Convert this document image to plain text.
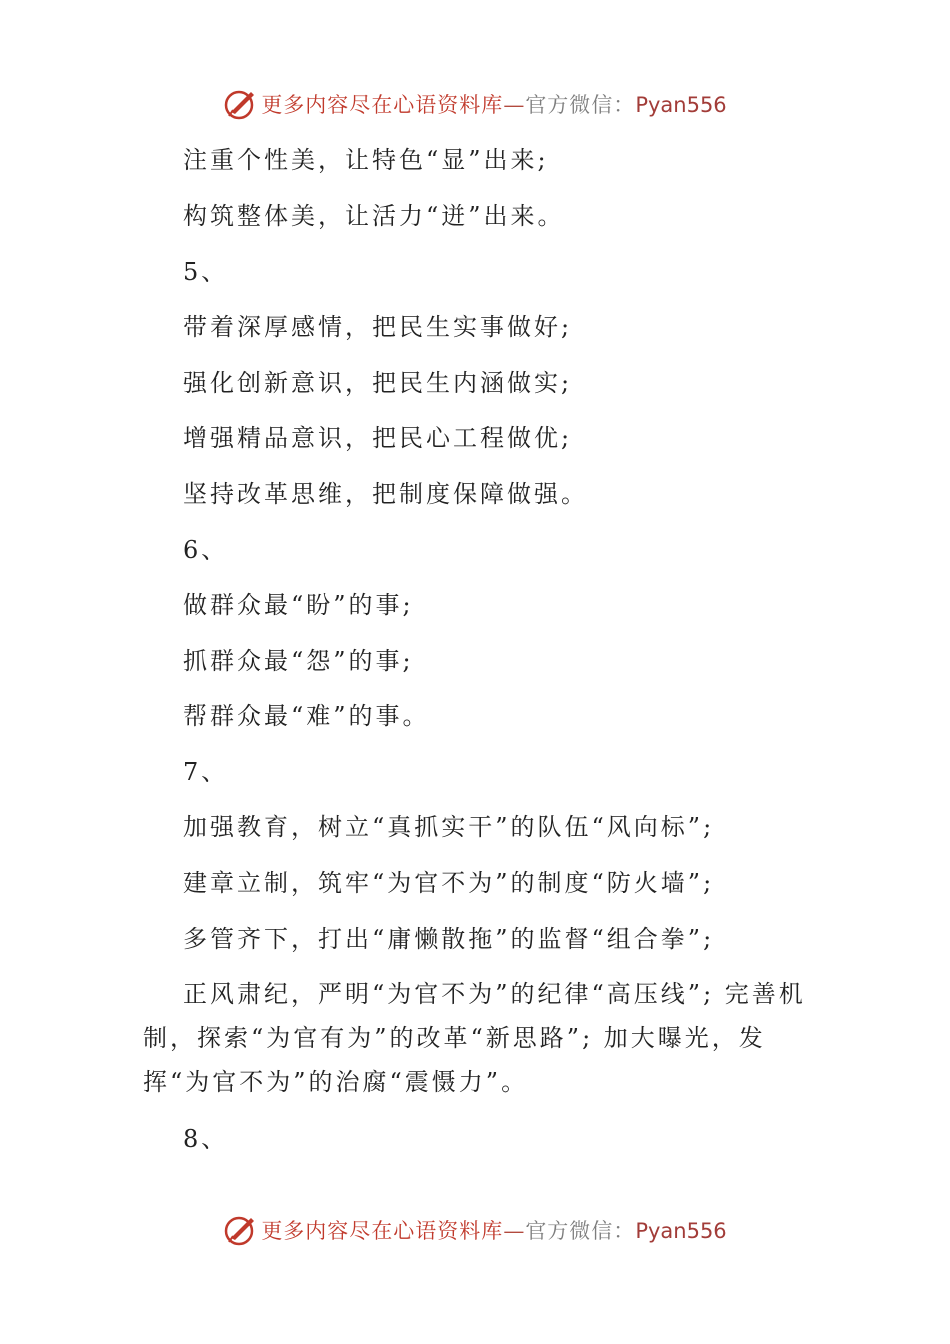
更多内容尽在心语资料库—官方微信：Pyan556
注重个性美，让特色“显”出来;
构筑整体美，让活力“迸”出来。
5、
带着深厚感情，把民生实事做好;
强化创新意识，把民生内涵做实;
增强精品意识，把民心工程做优;
坚持改革思维，把制度保障做强。
6、
做群众最“盼”的事;
抓群众最“怨”的事;
帮群众最“难”的事。
7、
加强教育，树立“真抓实干”的队伍“风向标”;
建章立制，筑牢“为官不为”的制度“防火墙”;
多管齐下，打出“庸懒散拖”的监督“组合拳”;
正风肃纪，严明“为官不为”的纪律“高压线”; 完善机制，探索“为官有为”的改革“新思路”; 加大曝光，发挥“为官不为”的治腐“震慑力”。
8、
更多内容尽在心语资料库—官方微信：Pyan556
